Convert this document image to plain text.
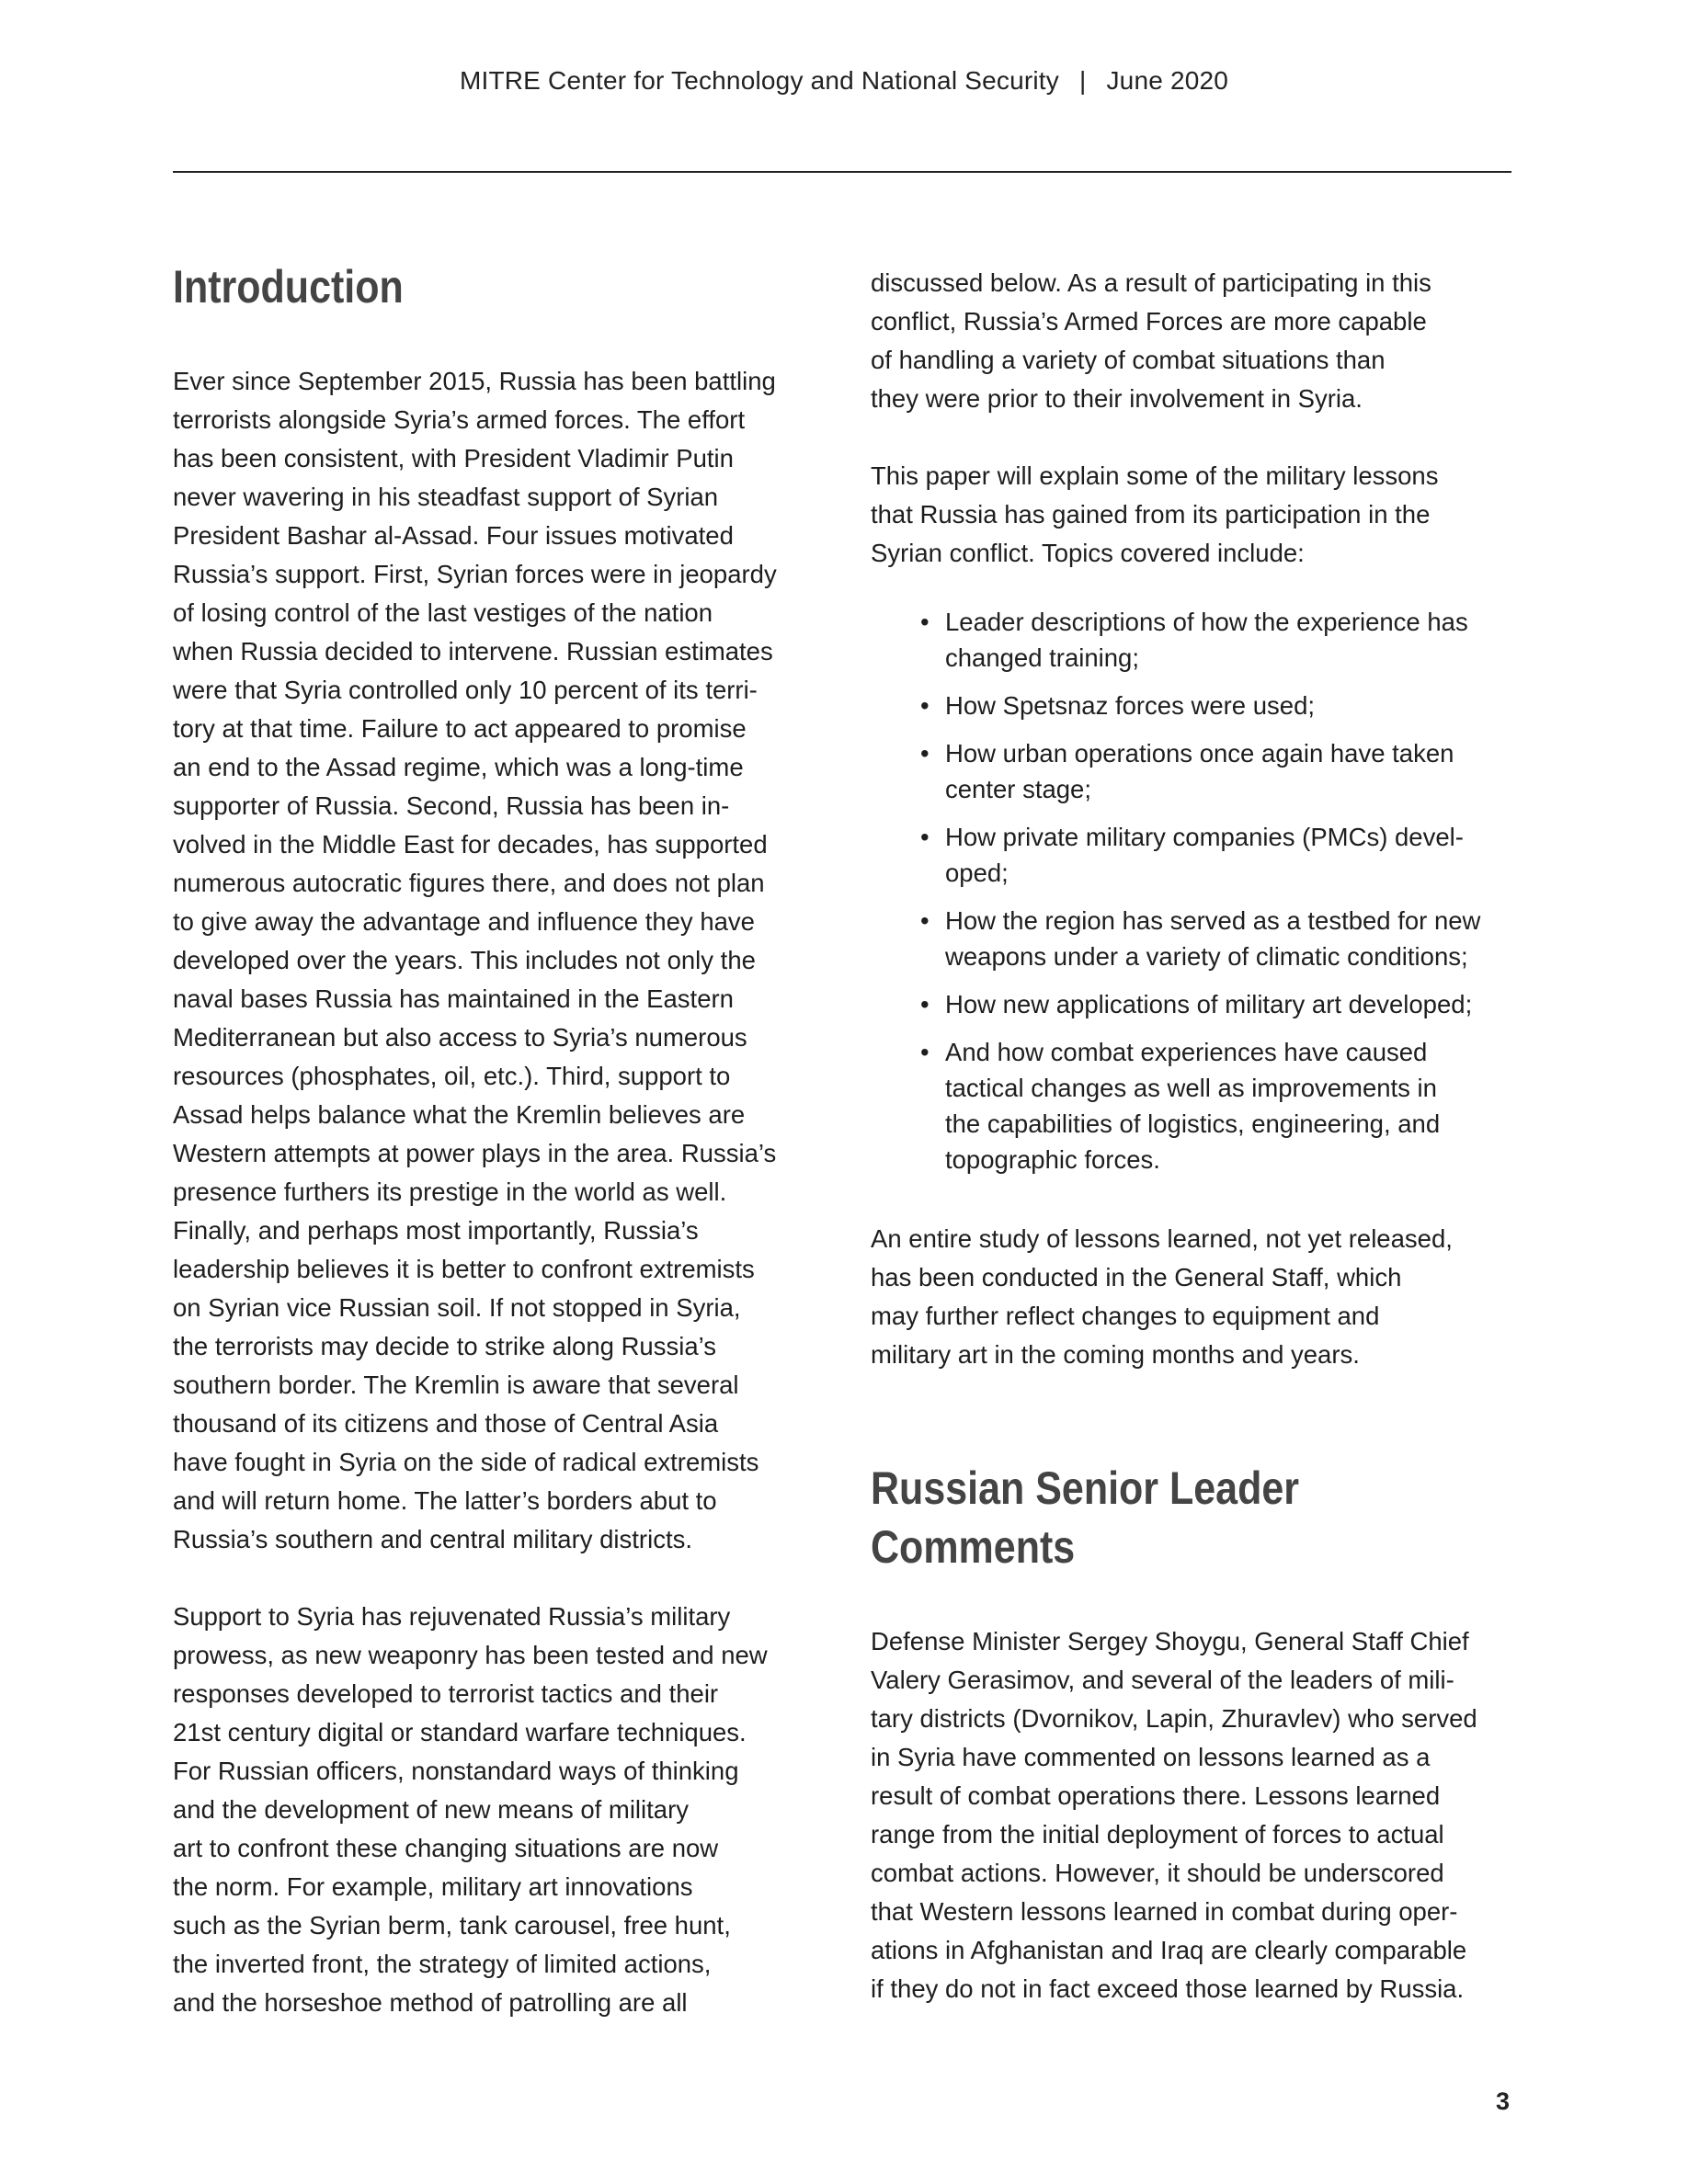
MITRE Center for Technology and National Security | June 2020
Introduction

Ever since September 2015, Russia has been battling
terrorists alongside Syria’s armed forces. The effort
has been consistent, with President Vladimir Putin
never wavering in his steadfast support of Syrian
President Bashar al-Assad. Four issues motivated
Russia’s support. First, Syrian forces were in jeopardy
of losing control of the last vestiges of the nation
when Russia decided to intervene. Russian estimates
were that Syria controlled only 10 percent of its terri-
tory at that time. Failure to act appeared to promise
an end to the Assad regime, which was a long-time
supporter of Russia. Second, Russia has been in-
volved in the Middle East for decades, has supported
numerous autocratic figures there, and does not plan
to give away the advantage and influence they have
developed over the years. This includes not only the
naval bases Russia has maintained in the Eastern
Mediterranean but also access to Syria’s numerous
resources (phosphates, oil, etc.). Third, support to
Assad helps balance what the Kremlin believes are
Western attempts at power plays in the area. Russia’s
presence furthers its prestige in the world as well.
Finally, and perhaps most importantly, Russia’s
leadership believes it is better to confront extremists
on Syrian vice Russian soil. If not stopped in Syria,
the terrorists may decide to strike along Russia’s
southern border. The Kremlin is aware that several
thousand of its citizens and those of Central Asia
have fought in Syria on the side of radical extremists
and will return home. The latter’s borders abut to
Russia’s southern and central military districts.

Support to Syria has rejuvenated Russia’s military
prowess, as new weaponry has been tested and new
responses developed to terrorist tactics and their
21st century digital or standard warfare techniques.
For Russian officers, nonstandard ways of thinking
and the development of new means of military
art to confront these changing situations are now
the norm. For example, military art innovations
such as the Syrian berm, tank carousel, free hunt,
the inverted front, the strategy of limited actions,
and the horseshoe method of patrolling are all

discussed below. As a result of participating in this
conflict, Russia’s Armed Forces are more capable
of handling a variety of combat situations than
they were prior to their involvement in Syria.

This paper will explain some of the military lessons
that Russia has gained from its participation in the
Syrian conflict. Topics covered include:

• Leader descriptions of how the experience has
changed training;
• How Spetsnaz forces were used;
• How urban operations once again have taken
center stage;
• How private military companies (PMCs) devel-
oped;
• How the region has served as a testbed for new
weapons under a variety of climatic conditions;
• How new applications of military art developed;
• And how combat experiences have caused
tactical changes as well as improvements in
the capabilities of logistics, engineering, and
topographic forces.

An entire study of lessons learned, not yet released,
has been conducted in the General Staff, which
may further reflect changes to equipment and
military art in the coming months and years.

Russian Senior Leader
Comments

Defense Minister Sergey Shoygu, General Staff Chief
Valery Gerasimov, and several of the leaders of mili-
tary districts (Dvornikov, Lapin, Zhuravlev) who served
in Syria have commented on lessons learned as a
result of combat operations there. Lessons learned
range from the initial deployment of forces to actual
combat actions. However, it should be underscored
that Western lessons learned in combat during oper-
ations in Afghanistan and Iraq are clearly comparable
if they do not in fact exceed those learned by Russia.

3
